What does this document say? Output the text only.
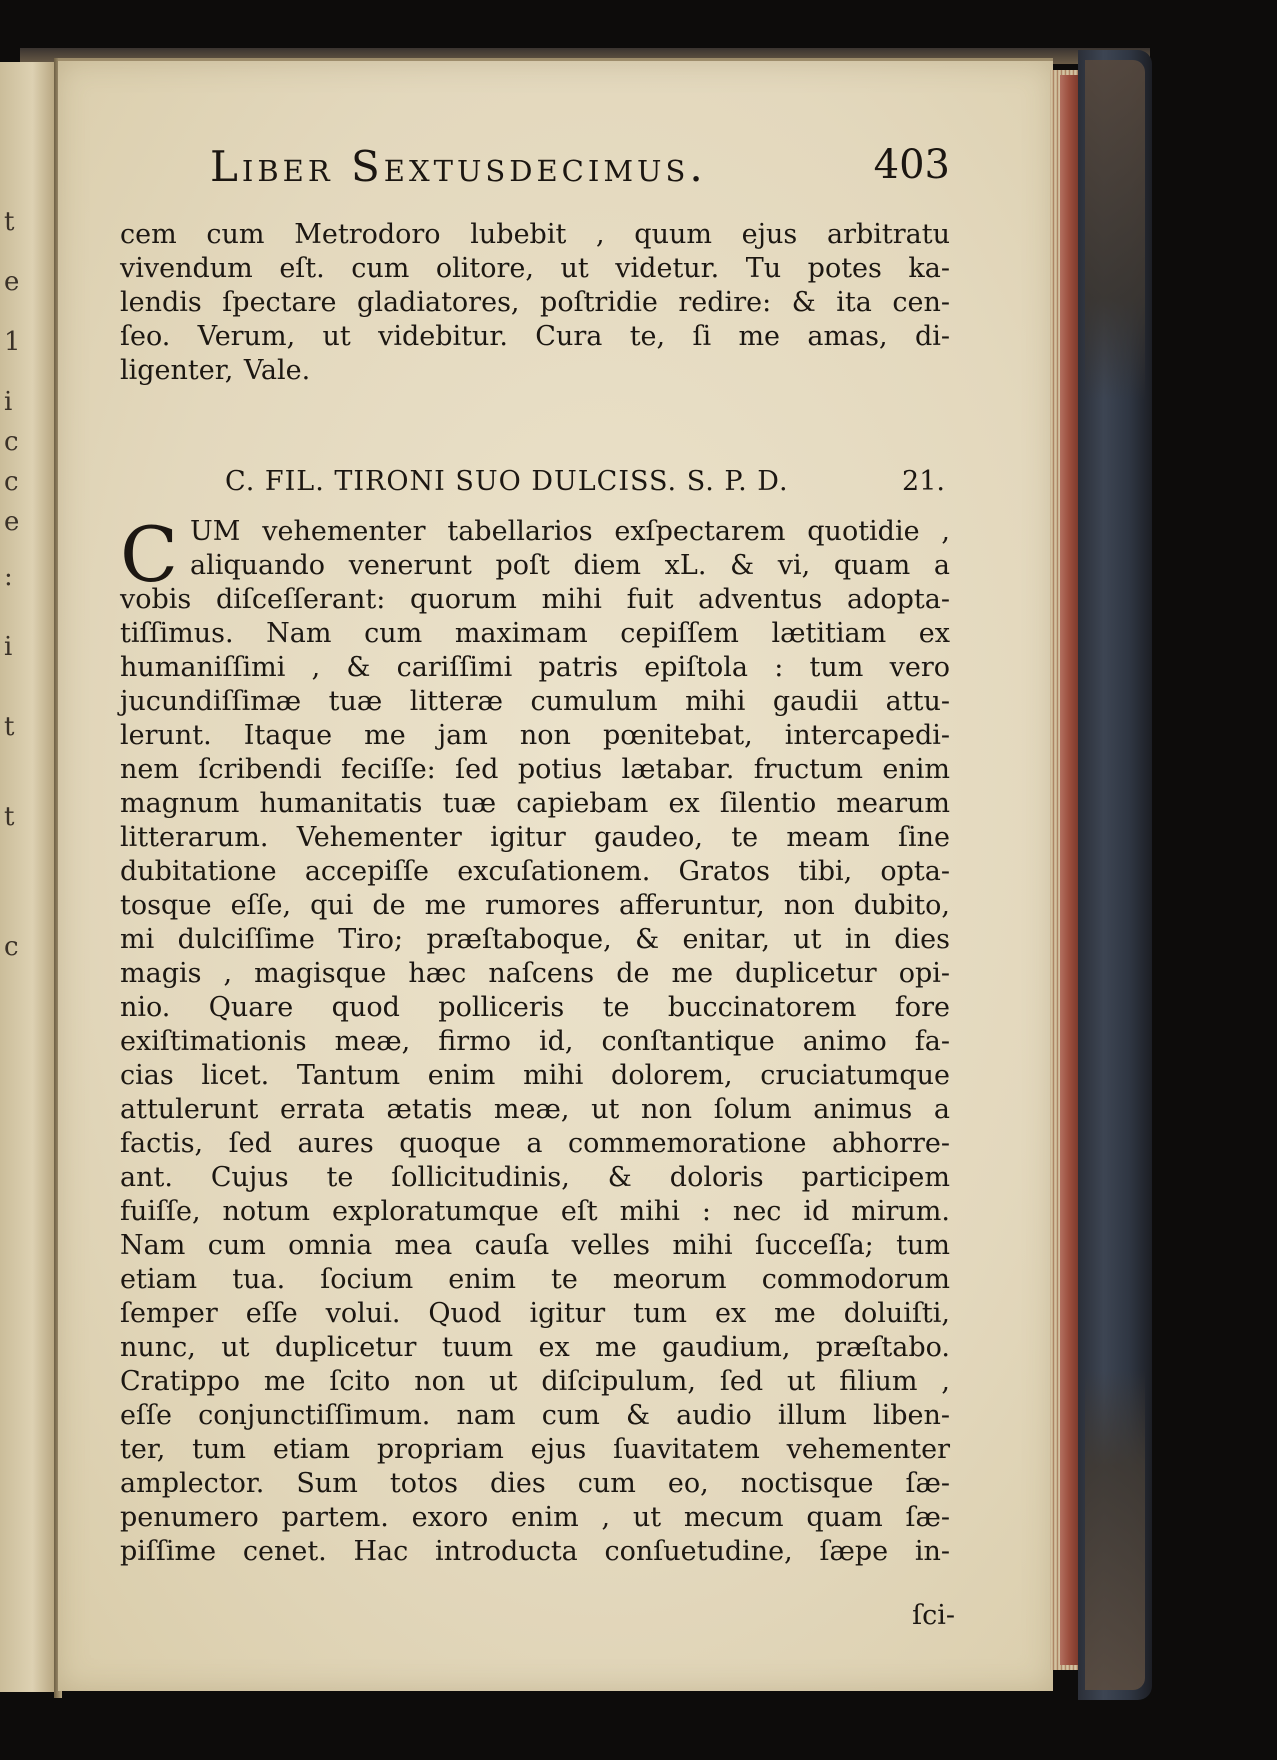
t
e
1
i
c
c
e
:
i
t
t
c
Liber Sextusdecimus.	403
cem cum Metrodoro lubebit , quum ejus arbitratu
vivendum eſt. cum olitore, ut videtur. Tu potes ka-
lendis ſpectare gladiatores, poſtridie redire: & ita cen-
ſeo. Verum, ut videbitur. Cura te, ſi me amas, di-
ligenter, Vale.
C. FIL. TIRONI SUO DULCISS. S. P. D.	21.
C UM vehementer tabellarios exſpectarem quotidie ,
aliquando venerunt poſt diem xL. & vi, quam a
vobis diſceſſerant: quorum mihi fuit adventus adopta-
tiſſimus. Nam cum maximam cepiſſem lætitiam ex
humaniſſimi , & cariſſimi patris epiſtola : tum vero
jucundiſſimæ tuæ litteræ cumulum mihi gaudii attu-
lerunt. Itaque me jam non pœnitebat, intercapedi-
nem ſcribendi feciſſe: ſed potius lætabar. fructum enim
magnum humanitatis tuæ capiebam ex ſilentio mearum
litterarum. Vehementer igitur gaudeo, te meam ſine
dubitatione accepiſſe excuſationem. Gratos tibi, opta-
tosque eſſe, qui de me rumores afferuntur, non dubito,
mi dulciſſime Tiro; præſtaboque, & enitar, ut in dies
magis , magisque hæc naſcens de me duplicetur opi-
nio. Quare quod polliceris te buccinatorem fore
exiſtimationis meæ, firmo id, conſtantique animo fa-
cias licet. Tantum enim mihi dolorem, cruciatumque
attulerunt errata ætatis meæ, ut non ſolum animus a
factis, ſed aures quoque a commemoratione abhorre-
ant. Cujus te ſollicitudinis, & doloris participem
fuiſſe, notum exploratumque eſt mihi : nec id mirum.
Nam cum omnia mea cauſa velles mihi ſucceſſa; tum
etiam tua. ſocium enim te meorum commodorum
ſemper eſſe volui. Quod igitur tum ex me doluiſti,
nunc, ut duplicetur tuum ex me gaudium, præſtabo.
Cratippo me ſcito non ut diſcipulum, ſed ut filium ,
eſſe conjunctiſſimum. nam cum & audio illum liben-
ter, tum etiam propriam ejus ſuavitatem vehementer
amplector. Sum totos dies cum eo, noctisque ſæ-
penumero partem. exoro enim , ut mecum quam ſæ-
piſſime cenet. Hac introducta conſuetudine, ſæpe in-
ſci-
